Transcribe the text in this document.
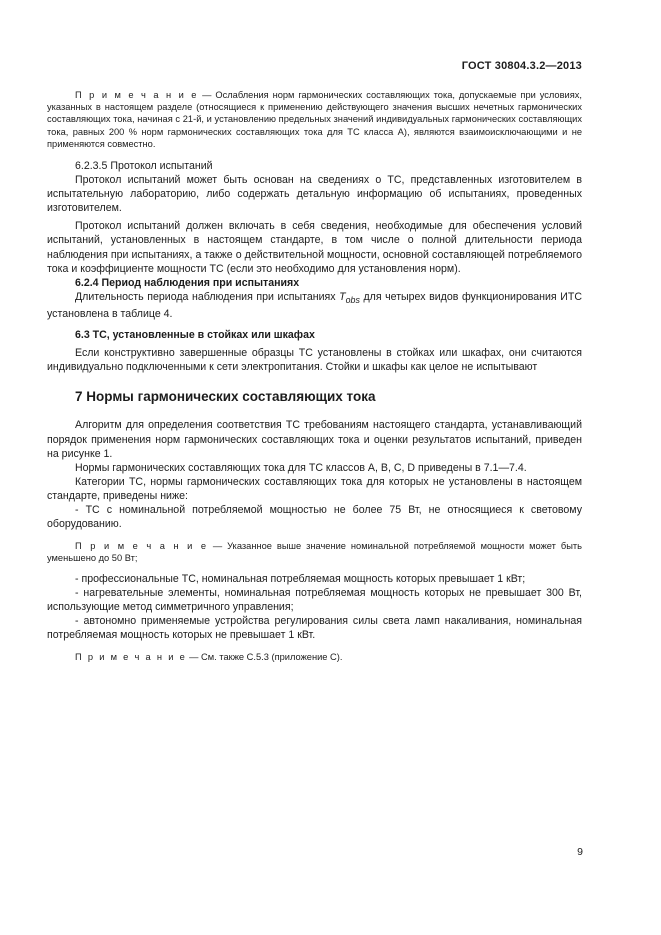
ГОСТ 30804.3.2—2013

П р и м е ч а н и е — Ослабления норм гармонических составляющих тока, допускаемые при условиях, указанных в настоящем разделе (относящиеся к применению действующего значения высших нечетных гармонических составляющих тока, начиная с 21-й, и установлению предельных значений индивидуальных гармонических составляющих тока, равных 200 % норм гармонических составляющих тока для ТС класса А), являются взаимоисключающими и не применяются совместно.

6.2.3.5 Протокол испытаний

Протокол испытаний может быть основан на сведениях о ТС, представленных изготовителем в испытательную лабораторию, либо содержать детальную информацию об испытаниях, проведенных изготовителем.

Протокол испытаний должен включать в себя сведения, необходимые для обеспечения условий испытаний, установленных в настоящем стандарте, в том числе о полной длительности периода наблюдения при испытаниях, а также о действительной мощности, основной составляющей потребляемого тока и коэффициенте мощности ТС (если это необходимо для установления норм).

6.2.4 Период наблюдения при испытаниях

Длительность периода наблюдения при испытаниях $T_{obs}$ для четырех видов функционирования ИТС установлена в таблице 4.

6.3 ТС, установленные в стойках или шкафах

Если конструктивно завершенные образцы ТС установлены в стойках или шкафах, они считаются индивидуально подключенными к сети электропитания. Стойки и шкафы как целое не испытывают

7 Нормы гармонических составляющих тока

Алгоритм для определения соответствия ТС требованиям настоящего стандарта, устанавливающий порядок применения норм гармонических составляющих тока и оценки результатов испытаний, приведен на рисунке 1.

Нормы гармонических составляющих тока для ТС классов А, В, С, D приведены в 7.1—7.4.

Категории ТС, нормы гармонических составляющих тока для которых не установлены в настоящем стандарте, приведены ниже:

- ТС с номинальной потребляемой мощностью не более 75 Вт, не относящиеся к световому оборудованию.

П р и м е ч а н и е — Указанное выше значение номинальной потребляемой мощности может быть уменьшено до 50 Вт;

- профессиональные ТС, номинальная потребляемая мощность которых превышает 1 кВт;

- нагревательные элементы, номинальная потребляемая мощность которых не превышает 300 Вт, использующие метод симметричного управления;

- автономно применяемые устройства регулирования силы света ламп накаливания, номинальная потребляемая мощность которых не превышает 1 кВт.

П р и м е ч а н и е — См. также С.5.3 (приложение С).

9
